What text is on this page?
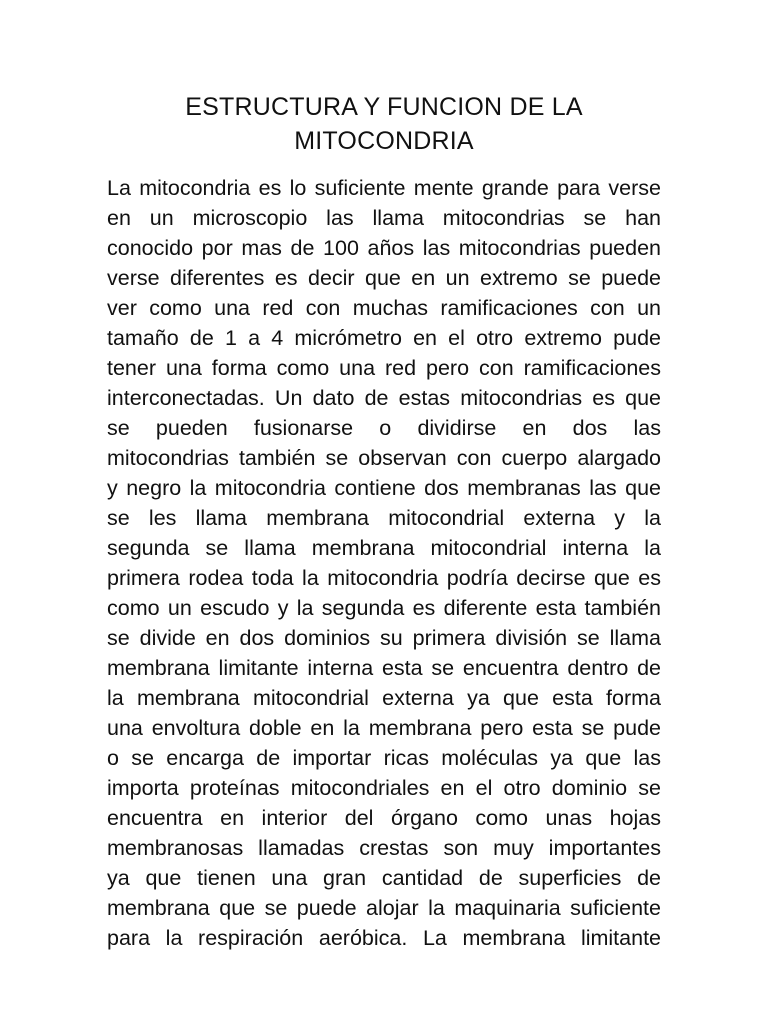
ESTRUCTURA Y FUNCION DE LA
MITOCONDRIA
La mitocondria es lo suficiente mente grande para verse
en un microscopio las llama mitocondrias se han
conocido por mas de 100 años las mitocondrias pueden
verse diferentes es decir que en un extremo se puede
ver como una red con muchas ramificaciones con un
tamaño de 1 a 4 micrómetro en el otro extremo pude
tener una forma como una red pero con ramificaciones
interconectadas. Un dato de estas mitocondrias es que
se pueden fusionarse o dividirse en dos las
mitocondrias también se observan con cuerpo alargado
y negro la mitocondria contiene dos membranas las que
se les llama membrana mitocondrial externa y la
segunda se llama membrana mitocondrial interna la
primera rodea toda la mitocondria podría decirse que es
como un escudo y la segunda es diferente esta también
se divide en dos dominios su primera división se llama
membrana limitante interna esta se encuentra dentro de
la membrana mitocondrial externa ya que esta forma
una envoltura doble en la membrana pero esta se pude
o se encarga de importar ricas moléculas ya que las
importa proteínas mitocondriales en el otro dominio se
encuentra en interior del órgano como unas hojas
membranosas llamadas crestas son muy importantes
ya que tienen una gran cantidad de superficies de
membrana que se puede alojar la maquinaria suficiente
para la respiración aeróbica. La membrana limitante
